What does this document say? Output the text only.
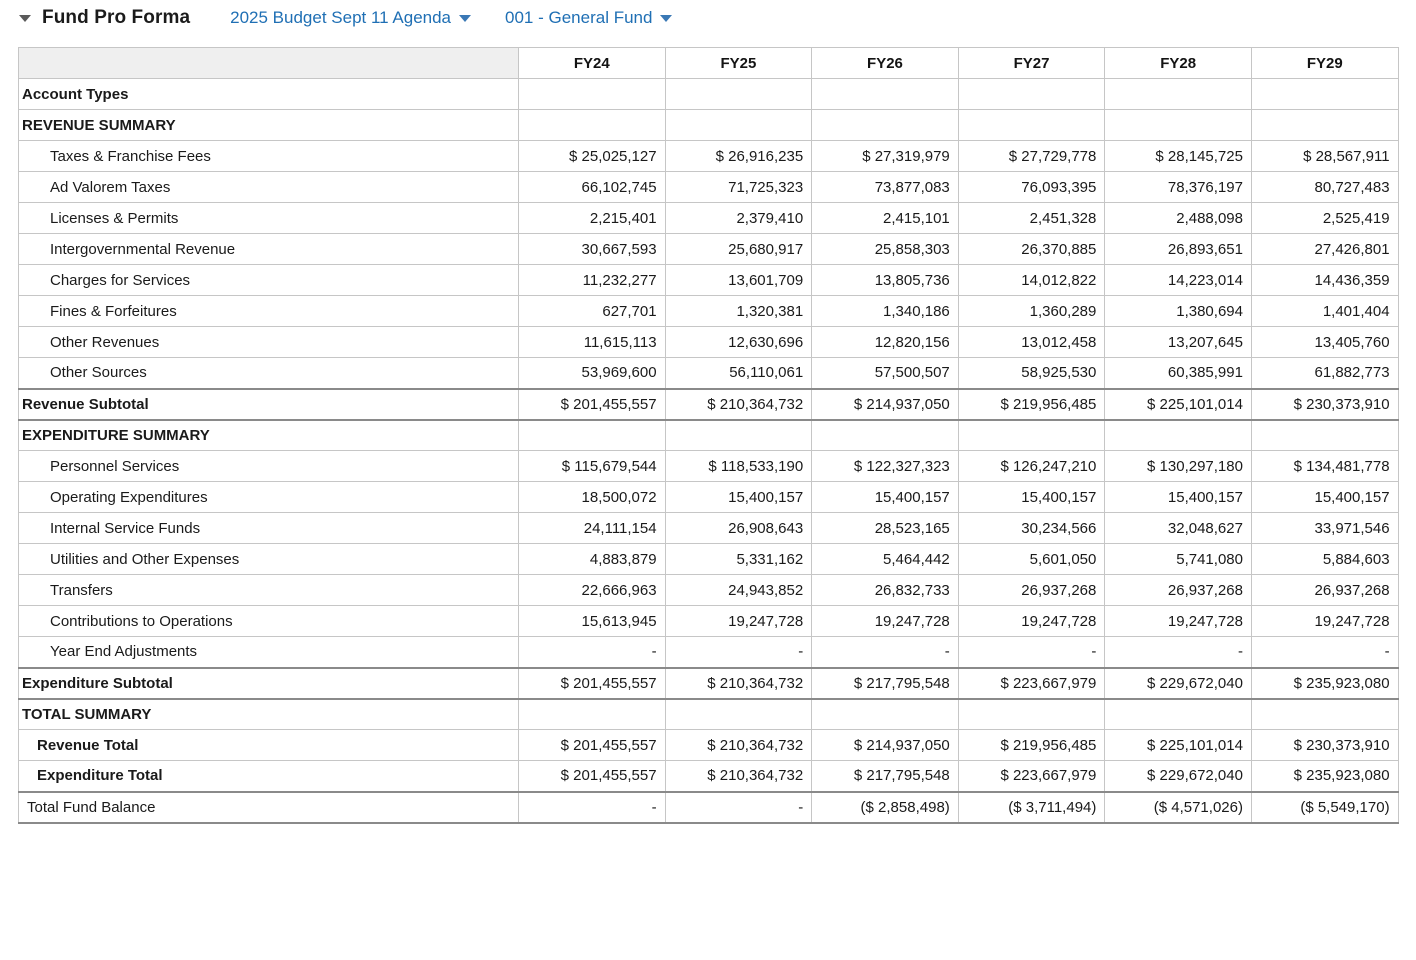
Fund Pro Forma 2025 Budget Sept 11 Agenda	001 - General Fund
	FY24	FY25	FY26	FY27	FY28	FY29
Account Types						
REVENUE SUMMARY						
Taxes & Franchise Fees	$ 25,025,127	$ 26,916,235	$ 27,319,979	$ 27,729,778	$ 28,145,725	$ 28,567,911
Ad Valorem Taxes	66,102,745	71,725,323	73,877,083	76,093,395	78,376,197	80,727,483
Licenses & Permits	2,215,401	2,379,410	2,415,101	2,451,328	2,488,098	2,525,419
Intergovernmental Revenue	30,667,593	25,680,917	25,858,303	26,370,885	26,893,651	27,426,801
Charges for Services	11,232,277	13,601,709	13,805,736	14,012,822	14,223,014	14,436,359
Fines & Forfeitures	627,701	1,320,381	1,340,186	1,360,289	1,380,694	1,401,404
Other Revenues	11,615,113	12,630,696	12,820,156	13,012,458	13,207,645	13,405,760
Other Sources	53,969,600	56,110,061	57,500,507	58,925,530	60,385,991	61,882,773
Revenue Subtotal	$ 201,455,557	$ 210,364,732	$ 214,937,050	$ 219,956,485	$ 225,101,014	$ 230,373,910
EXPENDITURE SUMMARY						
Personnel Services	$ 115,679,544	$ 118,533,190	$ 122,327,323	$ 126,247,210	$ 130,297,180	$ 134,481,778
Operating Expenditures	18,500,072	15,400,157	15,400,157	15,400,157	15,400,157	15,400,157
Internal Service Funds	24,111,154	26,908,643	28,523,165	30,234,566	32,048,627	33,971,546
Utilities and Other Expenses	4,883,879	5,331,162	5,464,442	5,601,050	5,741,080	5,884,603
Transfers	22,666,963	24,943,852	26,832,733	26,937,268	26,937,268	26,937,268
Contributions to Operations	15,613,945	19,247,728	19,247,728	19,247,728	19,247,728	19,247,728
Year End Adjustments	-	-	-	-	-	-
Expenditure Subtotal	$ 201,455,557	$ 210,364,732	$ 217,795,548	$ 223,667,979	$ 229,672,040	$ 235,923,080
TOTAL SUMMARY						
Revenue Total	$ 201,455,557	$ 210,364,732	$ 214,937,050	$ 219,956,485	$ 225,101,014	$ 230,373,910
Expenditure Total	$ 201,455,557	$ 210,364,732	$ 217,795,548	$ 223,667,979	$ 229,672,040	$ 235,923,080
Total Fund Balance	-	-	($ 2,858,498)	($ 3,711,494)	($ 4,571,026)	($ 5,549,170)
